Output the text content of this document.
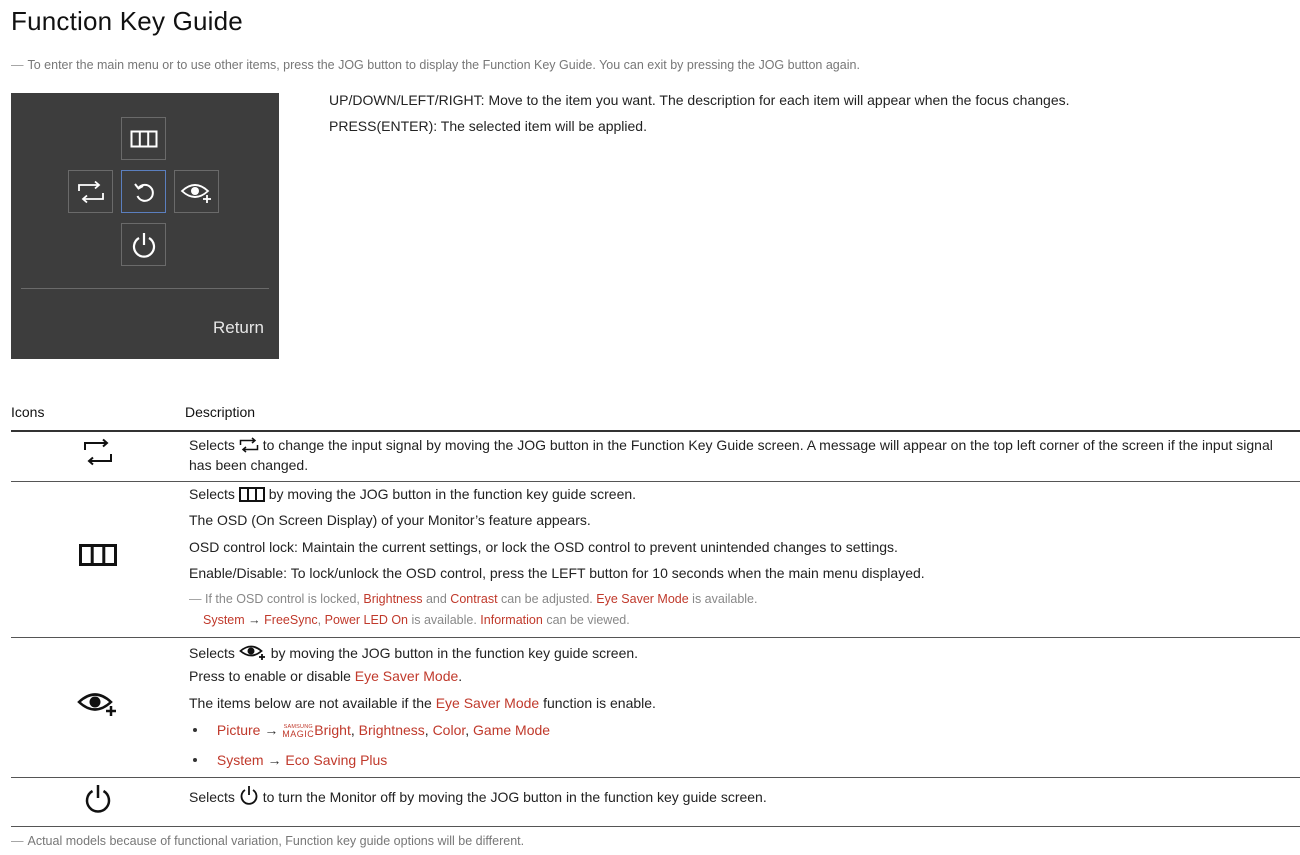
Function Key Guide
— To enter the main menu or to use other items, press the JOG button to display the Function Key Guide. You can exit by pressing the JOG button again.
Return
UP/DOWN/LEFT/RIGHT: Move to the item you want. The description for each item will appear when the focus changes.
PRESS(ENTER): The selected item will be applied.
Icons	Description
Selects to change the input signal by moving the JOG button in the Function Key Guide screen. A message will appear on the top left corner of the screen if the input signal has been changed.
Selects by moving the JOG button in the function key guide screen.
The OSD (On Screen Display) of your Monitor’s feature appears.
OSD control lock: Maintain the current settings, or lock the OSD control to prevent unintended changes to settings.
Enable/Disable: To lock/unlock the OSD control, press the LEFT button for 10 seconds when the main menu displayed.
— If the OSD control is locked, Brightness and Contrast can be adjusted. Eye Saver Mode is available.
System → FreeSync, Power LED On is available. Information can be viewed.
Selects	by moving the JOG button in the function key guide screen.
Press to enable or disable Eye Saver Mode.
The items below are not available if the Eye Saver Mode function is enable.
Picture → SAMSUNG
MAGIC Bright, Brightness, Color, Game Mode
System → Eco Saving Plus
Selects to turn the Monitor off by moving the JOG button in the function key guide screen.
— Actual models because of functional variation, Function key guide options will be different.
